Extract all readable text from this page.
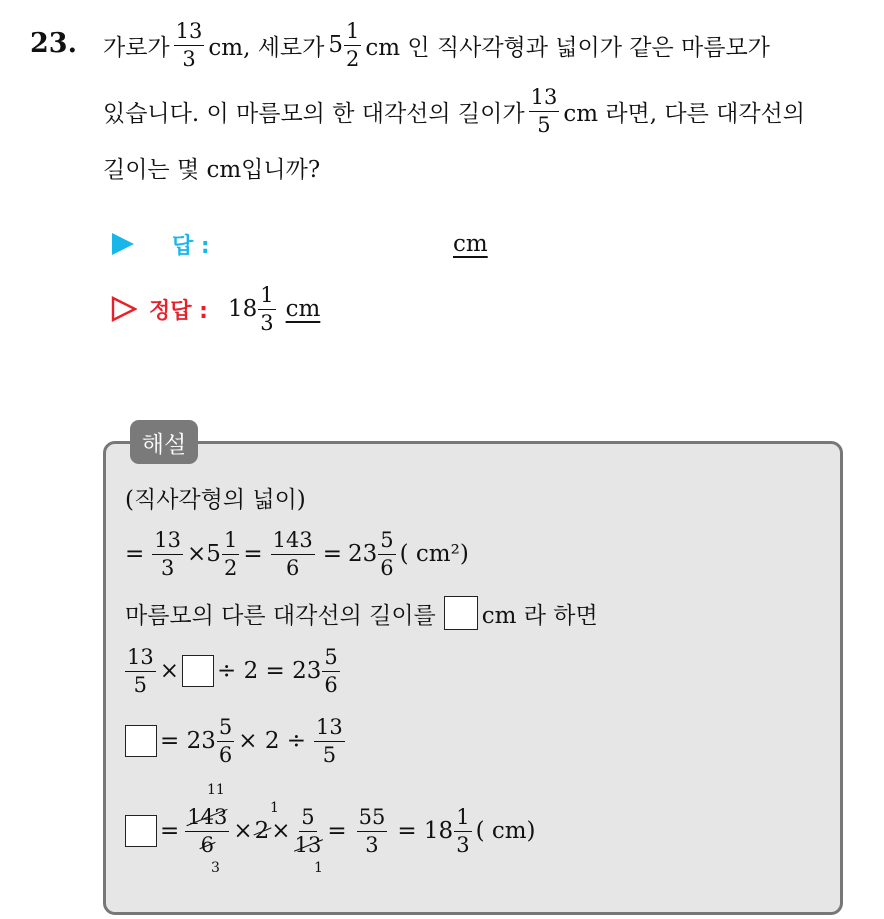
23. 가로가 $\frac{13}{3}$ cm, 세로가 $5 \frac{1}{2}$ cm 인 직사각형과 넓이가 같은 마름모가
있습니다. 이 마름모의 한 대각선의 길이가 $\frac{13}{5}$ cm 라면, 다른 대각선의
길이는 몇 cm입니까?
답 :	cm
정답 : $18 \frac{1}{3}$ cm
해설
(직사각형의 넓이)
= $\frac{13}{3} \times 5 \frac{1}{2} = \frac{143}{6} = 23 \frac{5}{6}$ ( cm²)
마름모의 다른 대각선의 길이를 cm 라 하면
$\frac{13}{5}$ × ÷ $2 = 23 \frac{5}{6}$
= $23 \frac{5}{6} \times 2 \div \frac{13}{5}$
= $\frac{143}{6} \times 2 \times \frac{5}{13} = \frac{55}{3} = 18 \frac{1}{3}$ ( cm)
11
3
1
1
